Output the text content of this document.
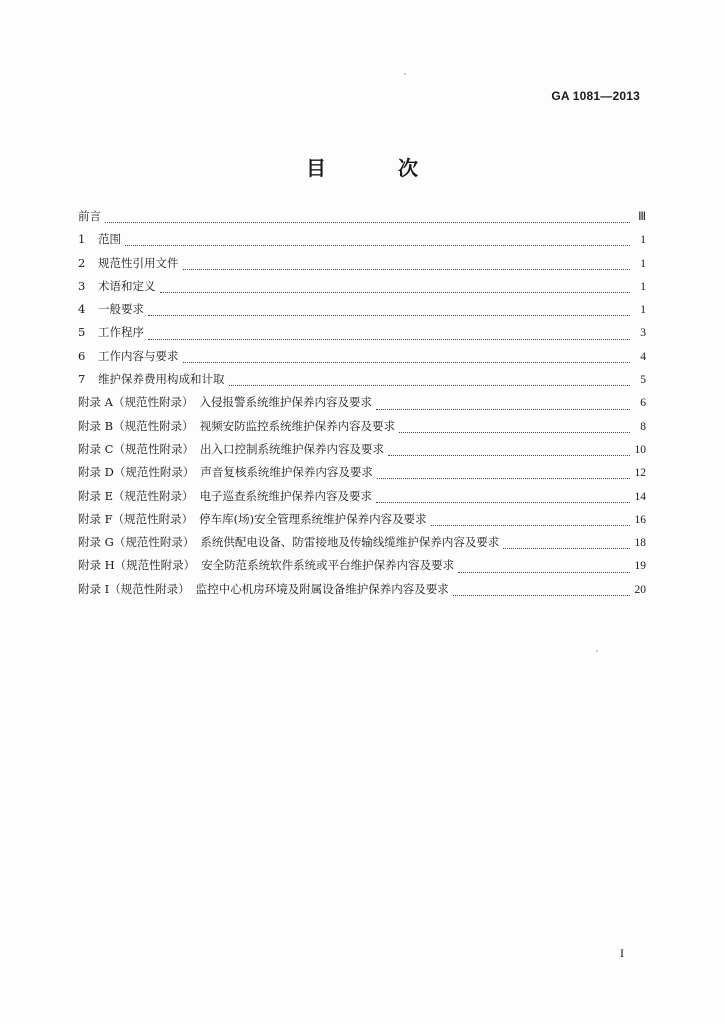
GA 1081—2013
目　次
前言	Ⅲ
1	范围	1
2	规范性引用文件	1
3	术语和定义	1
4	一般要求	1
5	工作程序	3
6	工作内容与要求	4
7	维护保养费用构成和计取	5
附录 A（规范性附录） 入侵报警系统维护保养内容及要求	6
附录 B（规范性附录） 视频安防监控系统维护保养内容及要求	8
附录 C（规范性附录） 出入口控制系统维护保养内容及要求	10
附录 D（规范性附录） 声音复核系统维护保养内容及要求	12
附录 E（规范性附录） 电子巡查系统维护保养内容及要求	14
附录 F（规范性附录） 停车库(场)安全管理系统维护保养内容及要求	16
附录 G（规范性附录） 系统供配电设备、防雷接地及传输线缆维护保养内容及要求	18
附录 H（规范性附录） 安全防范系统软件系统或平台维护保养内容及要求	19
附录 I（规范性附录） 监控中心机房环境及附属设备维护保养内容及要求	20
I
